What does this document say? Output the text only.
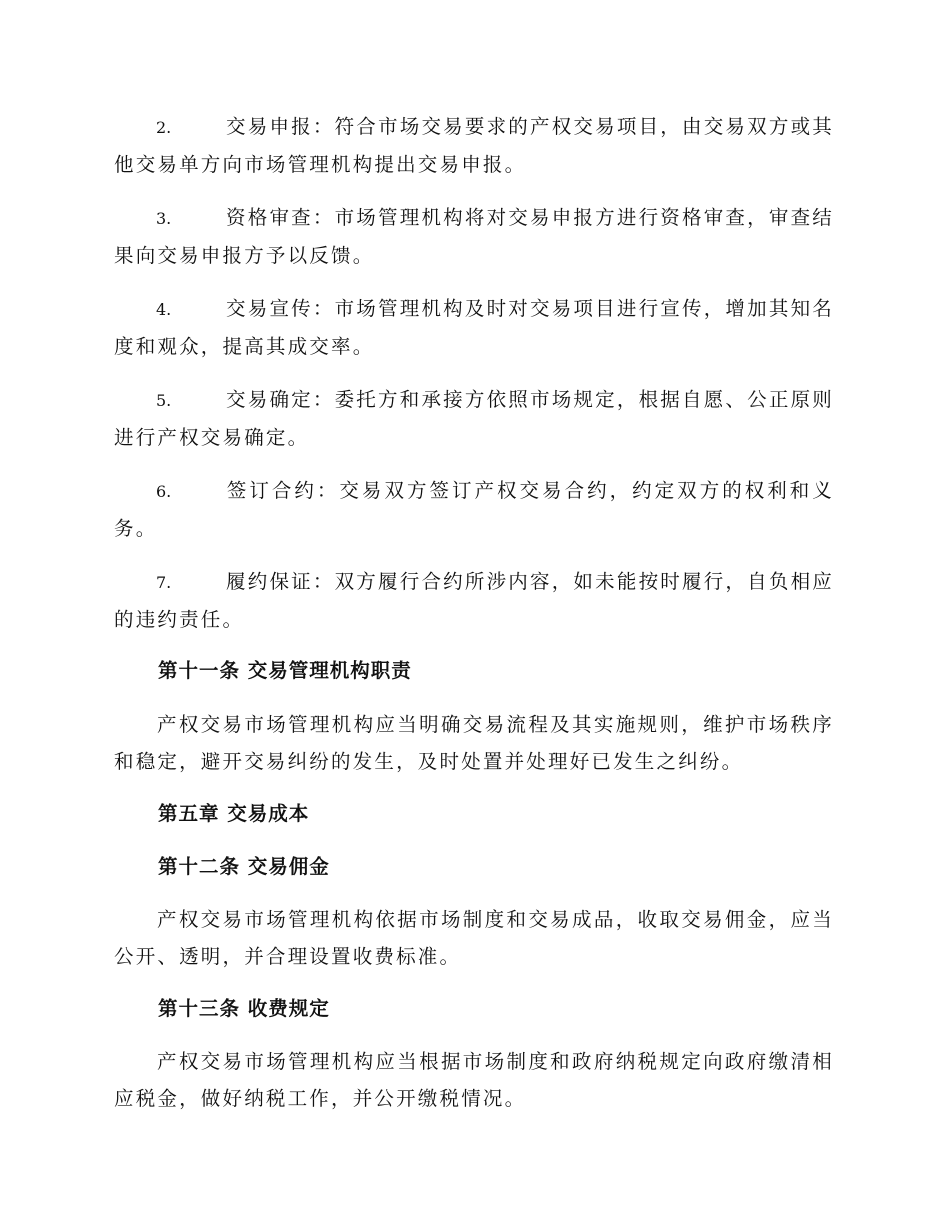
2.	交易申报：符合市场交易要求的产权交易项目，由交易双方或其他交易单方向市场管理机构提出交易申报。
3.	资格审查：市场管理机构将对交易申报方进行资格审查，审查结果向交易申报方予以反馈。
4.	交易宣传：市场管理机构及时对交易项目进行宣传，增加其知名度和观众，提高其成交率。
5.	交易确定：委托方和承接方依照市场规定，根据自愿、公正原则进行产权交易确定。
6.	签订合约：交易双方签订产权交易合约，约定双方的权利和义务。
7.	履约保证：双方履行合约所涉内容，如未能按时履行，自负相应的违约责任。
第十一条 交易管理机构职责
产权交易市场管理机构应当明确交易流程及其实施规则，维护市场秩序和稳定，避开交易纠纷的发生，及时处置并处理好已发生之纠纷。
第五章 交易成本
第十二条 交易佣金
产权交易市场管理机构依据市场制度和交易成品，收取交易佣金，应当公开、透明，并合理设置收费标准。
第十三条 收费规定
产权交易市场管理机构应当根据市场制度和政府纳税规定向政府缴清相应税金，做好纳税工作，并公开缴税情况。
